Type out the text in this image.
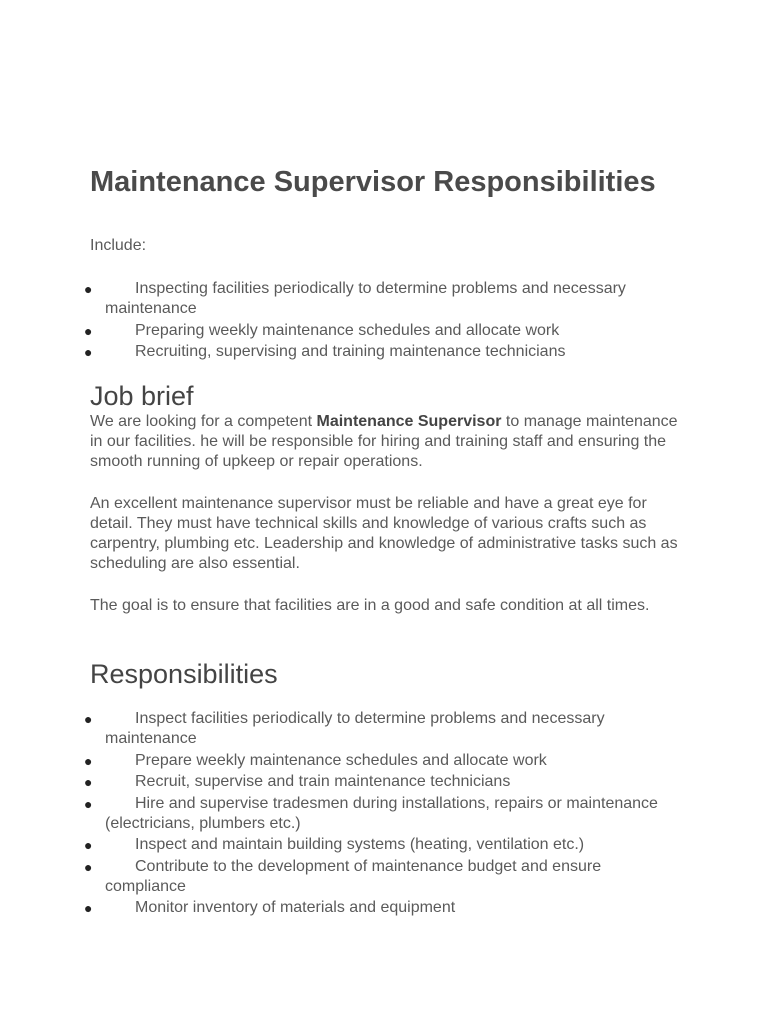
Maintenance Supervisor Responsibilities

Include:

●	Inspecting facilities periodically to determine problems and necessary maintenance
●	Preparing weekly maintenance schedules and allocate work
●	Recruiting, supervising and training maintenance technicians
Job brief

We are looking for a competent Maintenance Supervisor to manage maintenance in our facilities. he will be responsible for hiring and training staff and ensuring the smooth running of upkeep or repair operations.

An excellent maintenance supervisor must be reliable and have a great eye for detail. They must have technical skills and knowledge of various crafts such as carpentry, plumbing etc. Leadership and knowledge of administrative tasks such as scheduling are also essential.

The goal is to ensure that facilities are in a good and safe condition at all times.

Responsibilities
●	Inspect facilities periodically to determine problems and necessary maintenance
●	Prepare weekly maintenance schedules and allocate work
●	Recruit, supervise and train maintenance technicians
●	Hire and supervise tradesmen during installations, repairs or maintenance (electricians, plumbers etc.)
●	Inspect and maintain building systems (heating, ventilation etc.)
●	Contribute to the development of maintenance budget and ensure compliance
●	Monitor inventory of materials and equipment
